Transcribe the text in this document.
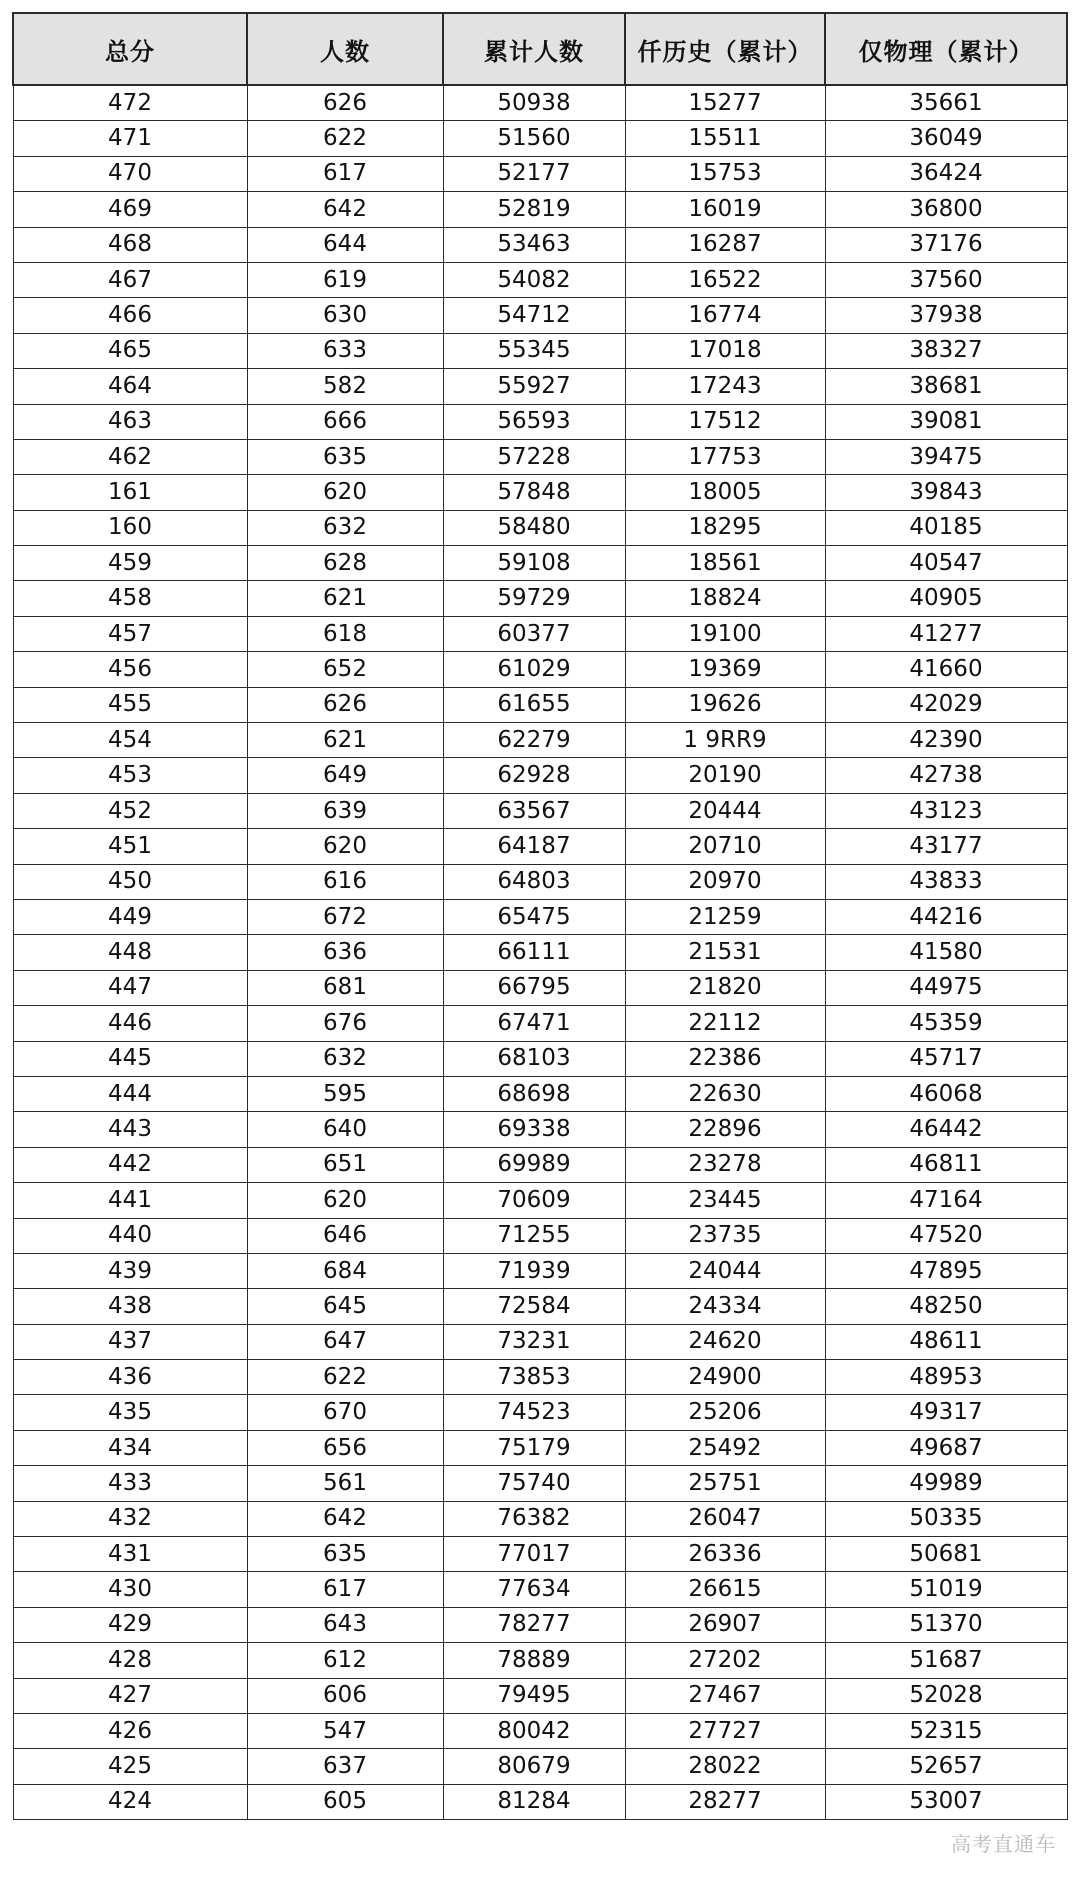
总分	人数	累计人数	仟历史（累计）	仅物理（累计）
472	626	50938	15277	35661
471	622	51560	15511	36049
470	617	52177	15753	36424
469	642	52819	16019	36800
468	644	53463	16287	37176
467	619	54082	16522	37560
466	630	54712	16774	37938
465	633	55345	17018	38327
464	582	55927	17243	38681
463	666	56593	17512	39081
462	635	57228	17753	39475
161	620	57848	18005	39843
160	632	58480	18295	40185
459	628	59108	18561	40547
458	621	59729	18824	40905
457	618	60377	19100	41277
456	652	61029	19369	41660
455	626	61655	19626	42029
454	621	62279	1 9RR9	42390
453	649	62928	20190	42738
452	639	63567	20444	43123
451	620	64187	20710	43177
450	616	64803	20970	43833
449	672	65475	21259	44216
448	636	66111	21531	41580
447	681	66795	21820	44975
446	676	67471	22112	45359
445	632	68103	22386	45717
444	595	68698	22630	46068
443	640	69338	22896	46442
442	651	69989	23278	46811
441	620	70609	23445	47164
440	646	71255	23735	47520
439	684	71939	24044	47895
438	645	72584	24334	48250
437	647	73231	24620	48611
436	622	73853	24900	48953
435	670	74523	25206	49317
434	656	75179	25492	49687
433	561	75740	25751	49989
432	642	76382	26047	50335
431	635	77017	26336	50681
430	617	77634	26615	51019
429	643	78277	26907	51370
428	612	78889	27202	51687
427	606	79495	27467	52028
426	547	80042	27727	52315
425	637	80679	28022	52657
424	605	81284	28277	53007
高考直通车
